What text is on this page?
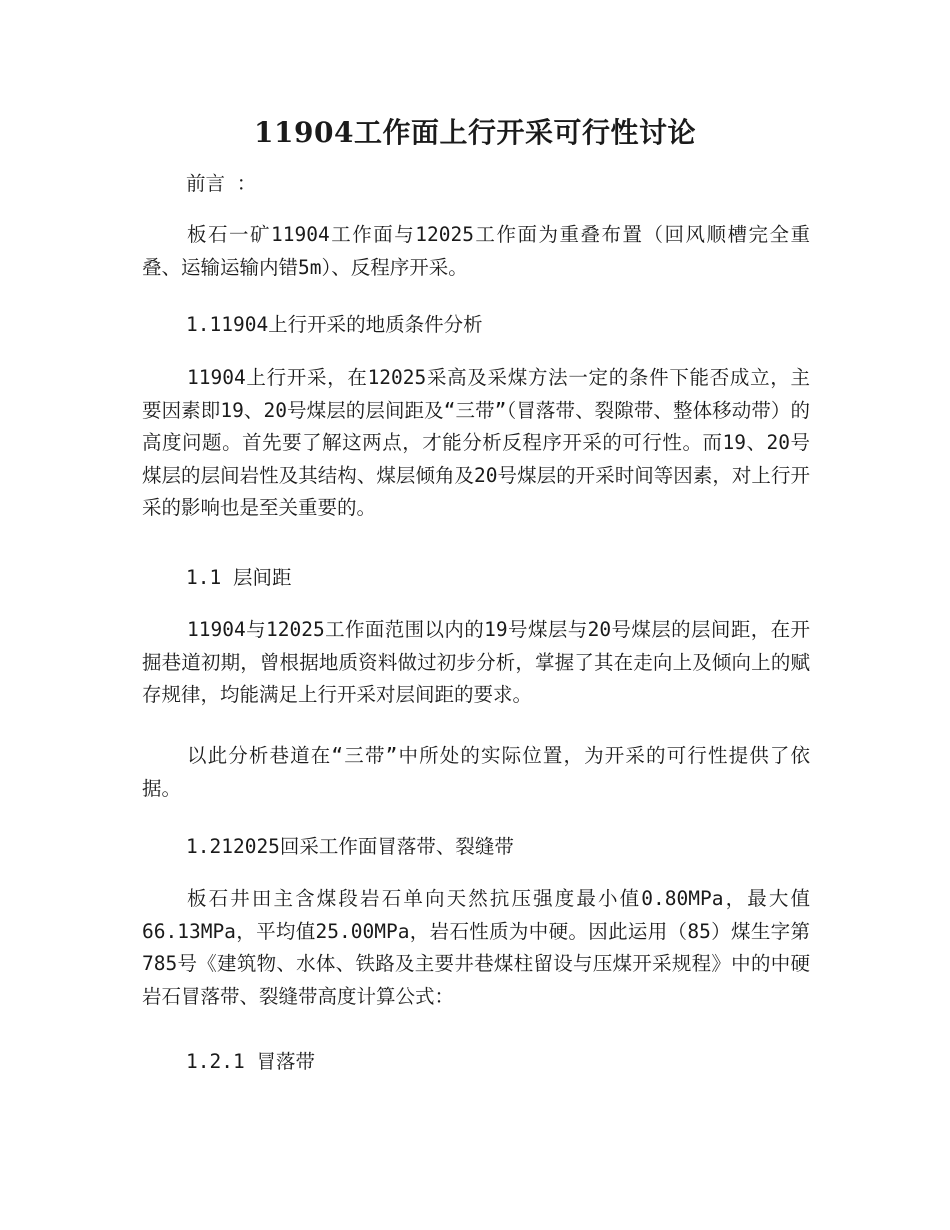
11904工作面上行开采可行性讨论
前言 ：
板石一矿11904工作面与12025工作面为重叠布置（回风顺槽完全重叠、运输运输内错5m）、反程序开采。
1.11904上行开采的地质条件分析
11904上行开采，在12025采高及采煤方法一定的条件下能否成立，主要因素即19、20号煤层的层间距及“三带”（冒落带、裂隙带、整体移动带）的高度问题。首先要了解这两点，才能分析反程序开采的可行性。而19、20号煤层的层间岩性及其结构、煤层倾角及20号煤层的开采时间等因素，对上行开采的影响也是至关重要的。
1.1 层间距
11904与12025工作面范围以内的19号煤层与20号煤层的层间距，在开掘巷道初期，曾根据地质资料做过初步分析，掌握了其在走向上及倾向上的赋存规律，均能满足上行开采对层间距的要求。
以此分析巷道在“三带”中所处的实际位置，为开采的可行性提供了依据。
1.212025回采工作面冒落带、裂缝带
板石井田主含煤段岩石单向天然抗压强度最小值0.80MPa，最大值66.13MPa，平均值25.00MPa，岩石性质为中硬。因此运用（85）煤生字第785号《建筑物、水体、铁路及主要井巷煤柱留设与压煤开采规程》中的中硬岩石冒落带、裂缝带高度计算公式：
1.2.1 冒落带
